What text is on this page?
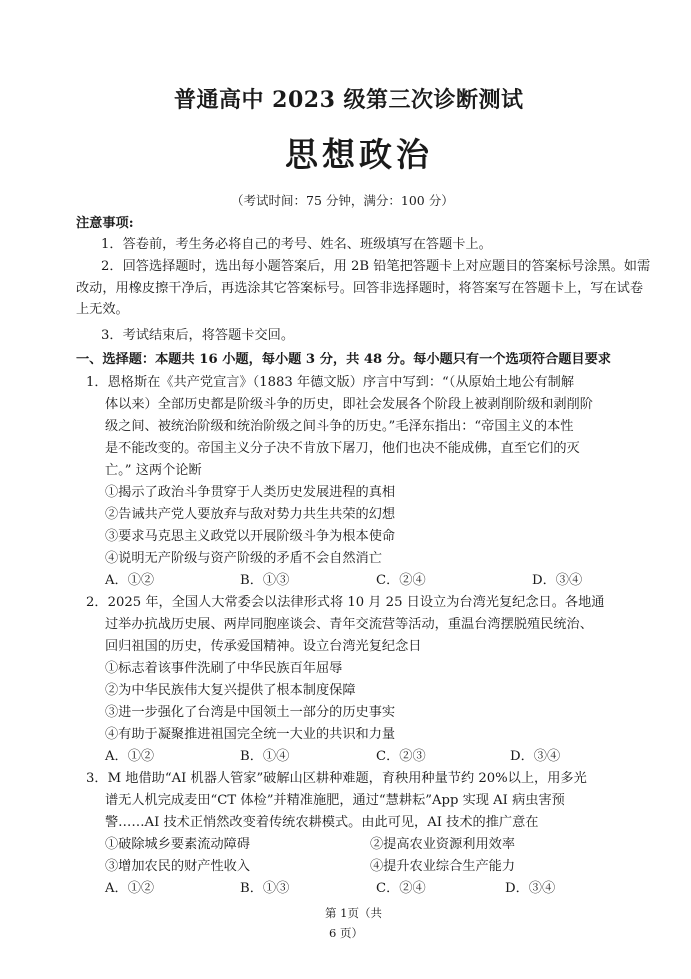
普通高中 2023 级第三次诊断测试
思想政治
（考试时间：75 分钟，满分：100 分）
注意事项:
1．答卷前，考生务必将自己的考号、姓名、班级填写在答题卡上。
2．回答选择题时，选出每小题答案后，用 2B 铅笔把答题卡上对应题目的答案标号涂黑。如需
改动，用橡皮擦干净后，再选涂其它答案标号。回答非选择题时，将答案写在答题卡上，写在试卷
上无效。
3．考试结束后，将答题卡交回。
一、选择题：本题共 16 小题，每小题 3 分，共 48 分。每小题只有一个选项符合题目要求
1．恩格斯在《共产党宣言》（1883 年德文版）序言中写到：“（从原始土地公有制解
体以来）全部历史都是阶级斗争的历史，即社会发展各个阶段上被剥削阶级和剥削阶
级之间、被统治阶级和统治阶级之间斗争的历史。”毛泽东指出：“帝国主义的本性
是不能改变的。帝国主义分子决不肯放下屠刀，他们也决不能成佛，直至它们的灭
亡。” 这两个论断
①揭示了政治斗争贯穿于人类历史发展进程的真相
②告诫共产党人要放弃与敌对势力共生共荣的幻想
③要求马克思主义政党以开展阶级斗争为根本使命
④说明无产阶级与资产阶级的矛盾不会自然消亡
A．①②	B．①③	C．②④	D．③④
2．2025 年，全国人大常委会以法律形式将 10 月 25 日设立为台湾光复纪念日。各地通
过举办抗战历史展、两岸同胞座谈会、青年交流营等活动，重温台湾摆脱殖民统治、
回归祖国的历史，传承爱国精神。设立台湾光复纪念日
①标志着该事件洗刷了中华民族百年屈辱
②为中华民族伟大复兴提供了根本制度保障
③进一步强化了台湾是中国领土一部分的历史事实
④有助于凝聚推进祖国完全统一大业的共识和力量
A．①②	B．①④	C．②③	D．③④
3．M 地借助“AI 机器人管家”破解山区耕种难题，育秧用种量节约 20%以上，用多光
谱无人机完成麦田“CT 体检”并精准施肥，通过“慧耕耘”App 实现 AI 病虫害预
警……AI 技术正悄然改变着传统农耕模式。由此可见，AI 技术的推广意在
①破除城乡要素流动障碍	②提高农业资源利用效率
③增加农民的财产性收入	④提升农业综合生产能力
A．①②	B．①③	C．②④	D．③④
第 1页（共
6 页）
